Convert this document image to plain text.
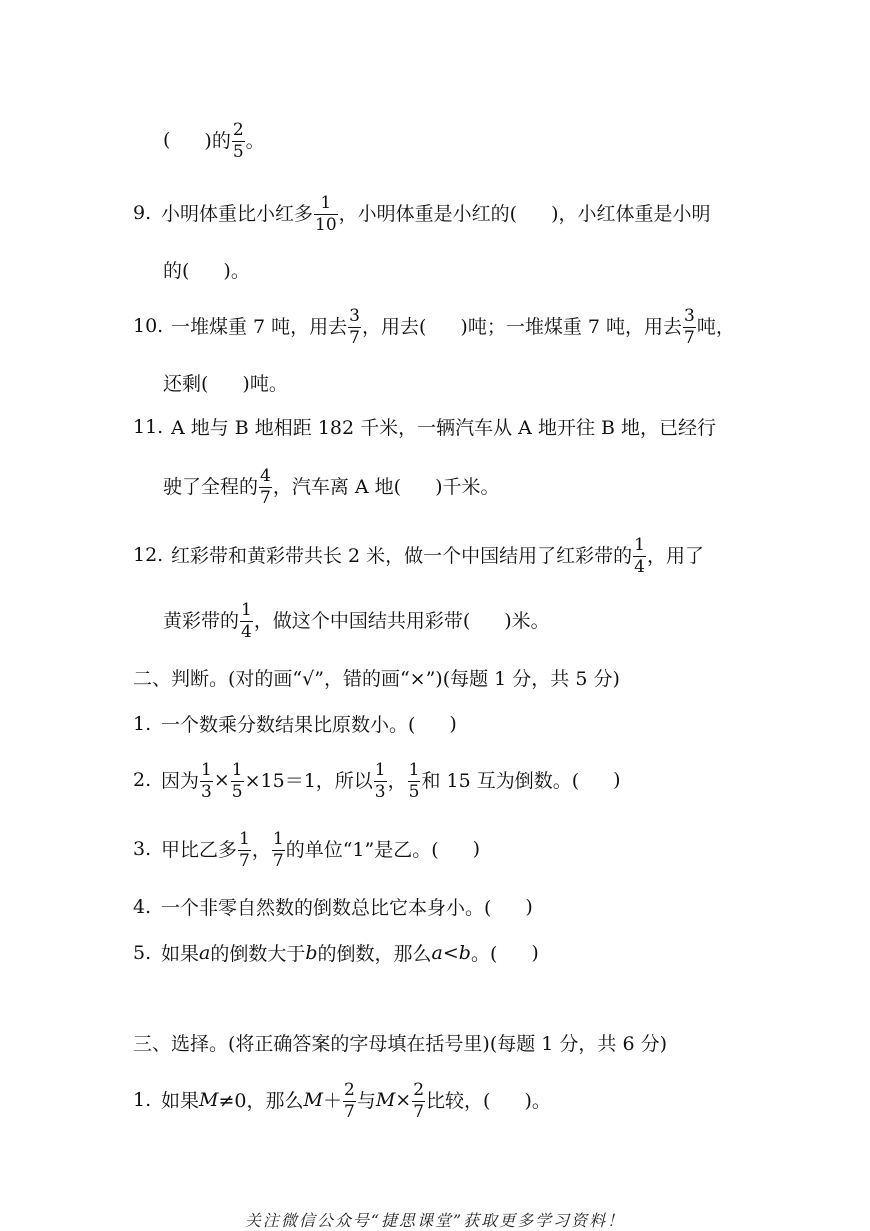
( )的 $\frac{2}{5}$ 。
9. 小明体重比小红多 $\frac{1}{10}$ ，小明体重是小红的( )，小红体重是小明
的( )。
10. 一堆煤重 7 吨，用去 $\frac{3}{7}$ ，用去( )吨；一堆煤重 7 吨，用去 $\frac{3}{7}$ 吨，
还剩( )吨。
11. A 地与 B 地相距 182 千米，一辆汽车从 A 地开往 B 地，已经行
驶了全程的 $\frac{4}{7}$ ，汽车离 A 地( )千米。
12. 红彩带和黄彩带共长 2 米，做一个中国结用了红彩带的 $\frac{1}{4}$ ，用了
黄彩带的 $\frac{1}{4}$ ，做这个中国结共用彩带( )米。
二、判断。(对的画“√”，错的画“×”)(每题 1 分，共 5 分)
1. 一个数乘分数结果比原数小。( )
2. 因为 $\frac{1}{3} \times \frac{1}{5} \times 15=1$，所以 $\frac{1}{3}$ ， $\frac{1}{5}$ 和 15 互为倒数。( )
3. 甲比乙多 $\frac{1}{7}$ ， $\frac{1}{7}$ 的单位“1”是乙。( )
4. 一个非零自然数的倒数总比它本身小。( )
5. 如果 a 的倒数大于 b 的倒数，那么 a<b 。( )
三、选择。(将正确答案的字母填在括号里)(每题 1 分，共 6 分)
1. 如果 M ≠0，那么 $M + \frac{2}{7}$ 与 $M \times \frac{2}{7}$ 比较，( )。
关注微信公众号“捷思课堂”获取更多学习资料！
